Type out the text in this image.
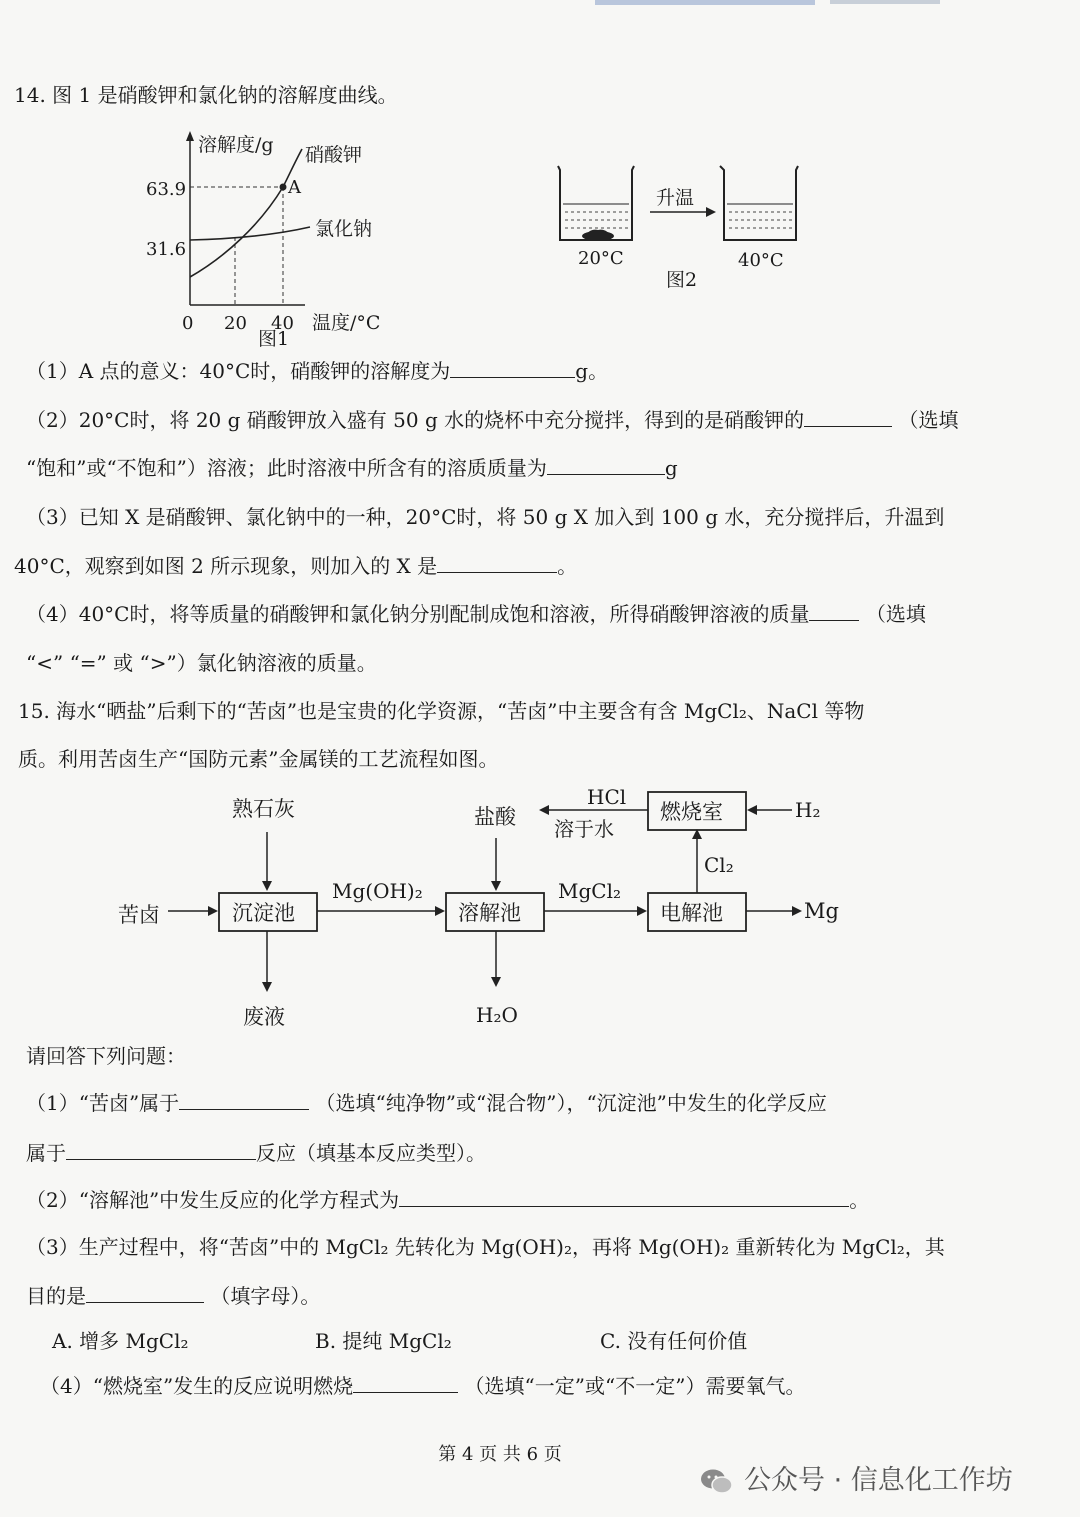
14. 图 1 是硝酸钾和氯化钠的溶解度曲线。
溶解度/g 硝酸钾
氯化钠
63.9
31.6
0 20 40 温度/°C
图1
A	升温
20°C	40°C
图2
（1）A 点的意义：40°C时，硝酸钾的溶解度为	g。
（2）20°C时，将 20 g 硝酸钾放入盛有 50 g 水的烧杯中充分搅拌，得到的是硝酸钾的	（选填
“饱和”或“不饱和”）溶液；此时溶液中所含有的溶质质量为	g
（3）已知 X 是硝酸钾、氯化钠中的一种，20°C时，将 50 g X 加入到 100 g 水，充分搅拌后，升温到
40°C，观察到如图 2 所示现象，则加入的 X 是	。
（4）40°C时，将等质量的硝酸钾和氯化钠分别配制成饱和溶液，所得硝酸钾溶液的质量	（选填
“<” “=” 或 “>”）氯化钠溶液的质量。
15. 海水“晒盐”后剩下的“苦卤”也是宝贵的化学资源，“苦卤”中主要含有含 MgCl₂、NaCl 等物
质。利用苦卤生产“国防元素”金属镁的工艺流程如图。
苦卤	沉淀池
熟石灰
废液
Mg(OH)₂
溶解池
盐酸
H₂O
MgCl₂
电解池	Mg
Cl₂
燃烧室	H₂
HCl
溶于水
请回答下列问题：
（1）“苦卤”属于	（选填“纯净物”或“混合物”），“沉淀池”中发生的化学反应
属于	反应（填基本反应类型）。
（2）“溶解池”中发生反应的化学方程式为	。
（3）生产过程中，将“苦卤”中的 MgCl₂ 先转化为 Mg(OH)₂，再将 Mg(OH)₂ 重新转化为 MgCl₂，其
目的是	（填字母）。
A. 增多 MgCl₂	B. 提纯 MgCl₂	C. 没有任何价值
（4）“燃烧室”发生的反应说明燃烧	（选填“一定”或“不一定”）需要氧气。
第 4 页 共 6 页
公众号 · 信息化工作坊
